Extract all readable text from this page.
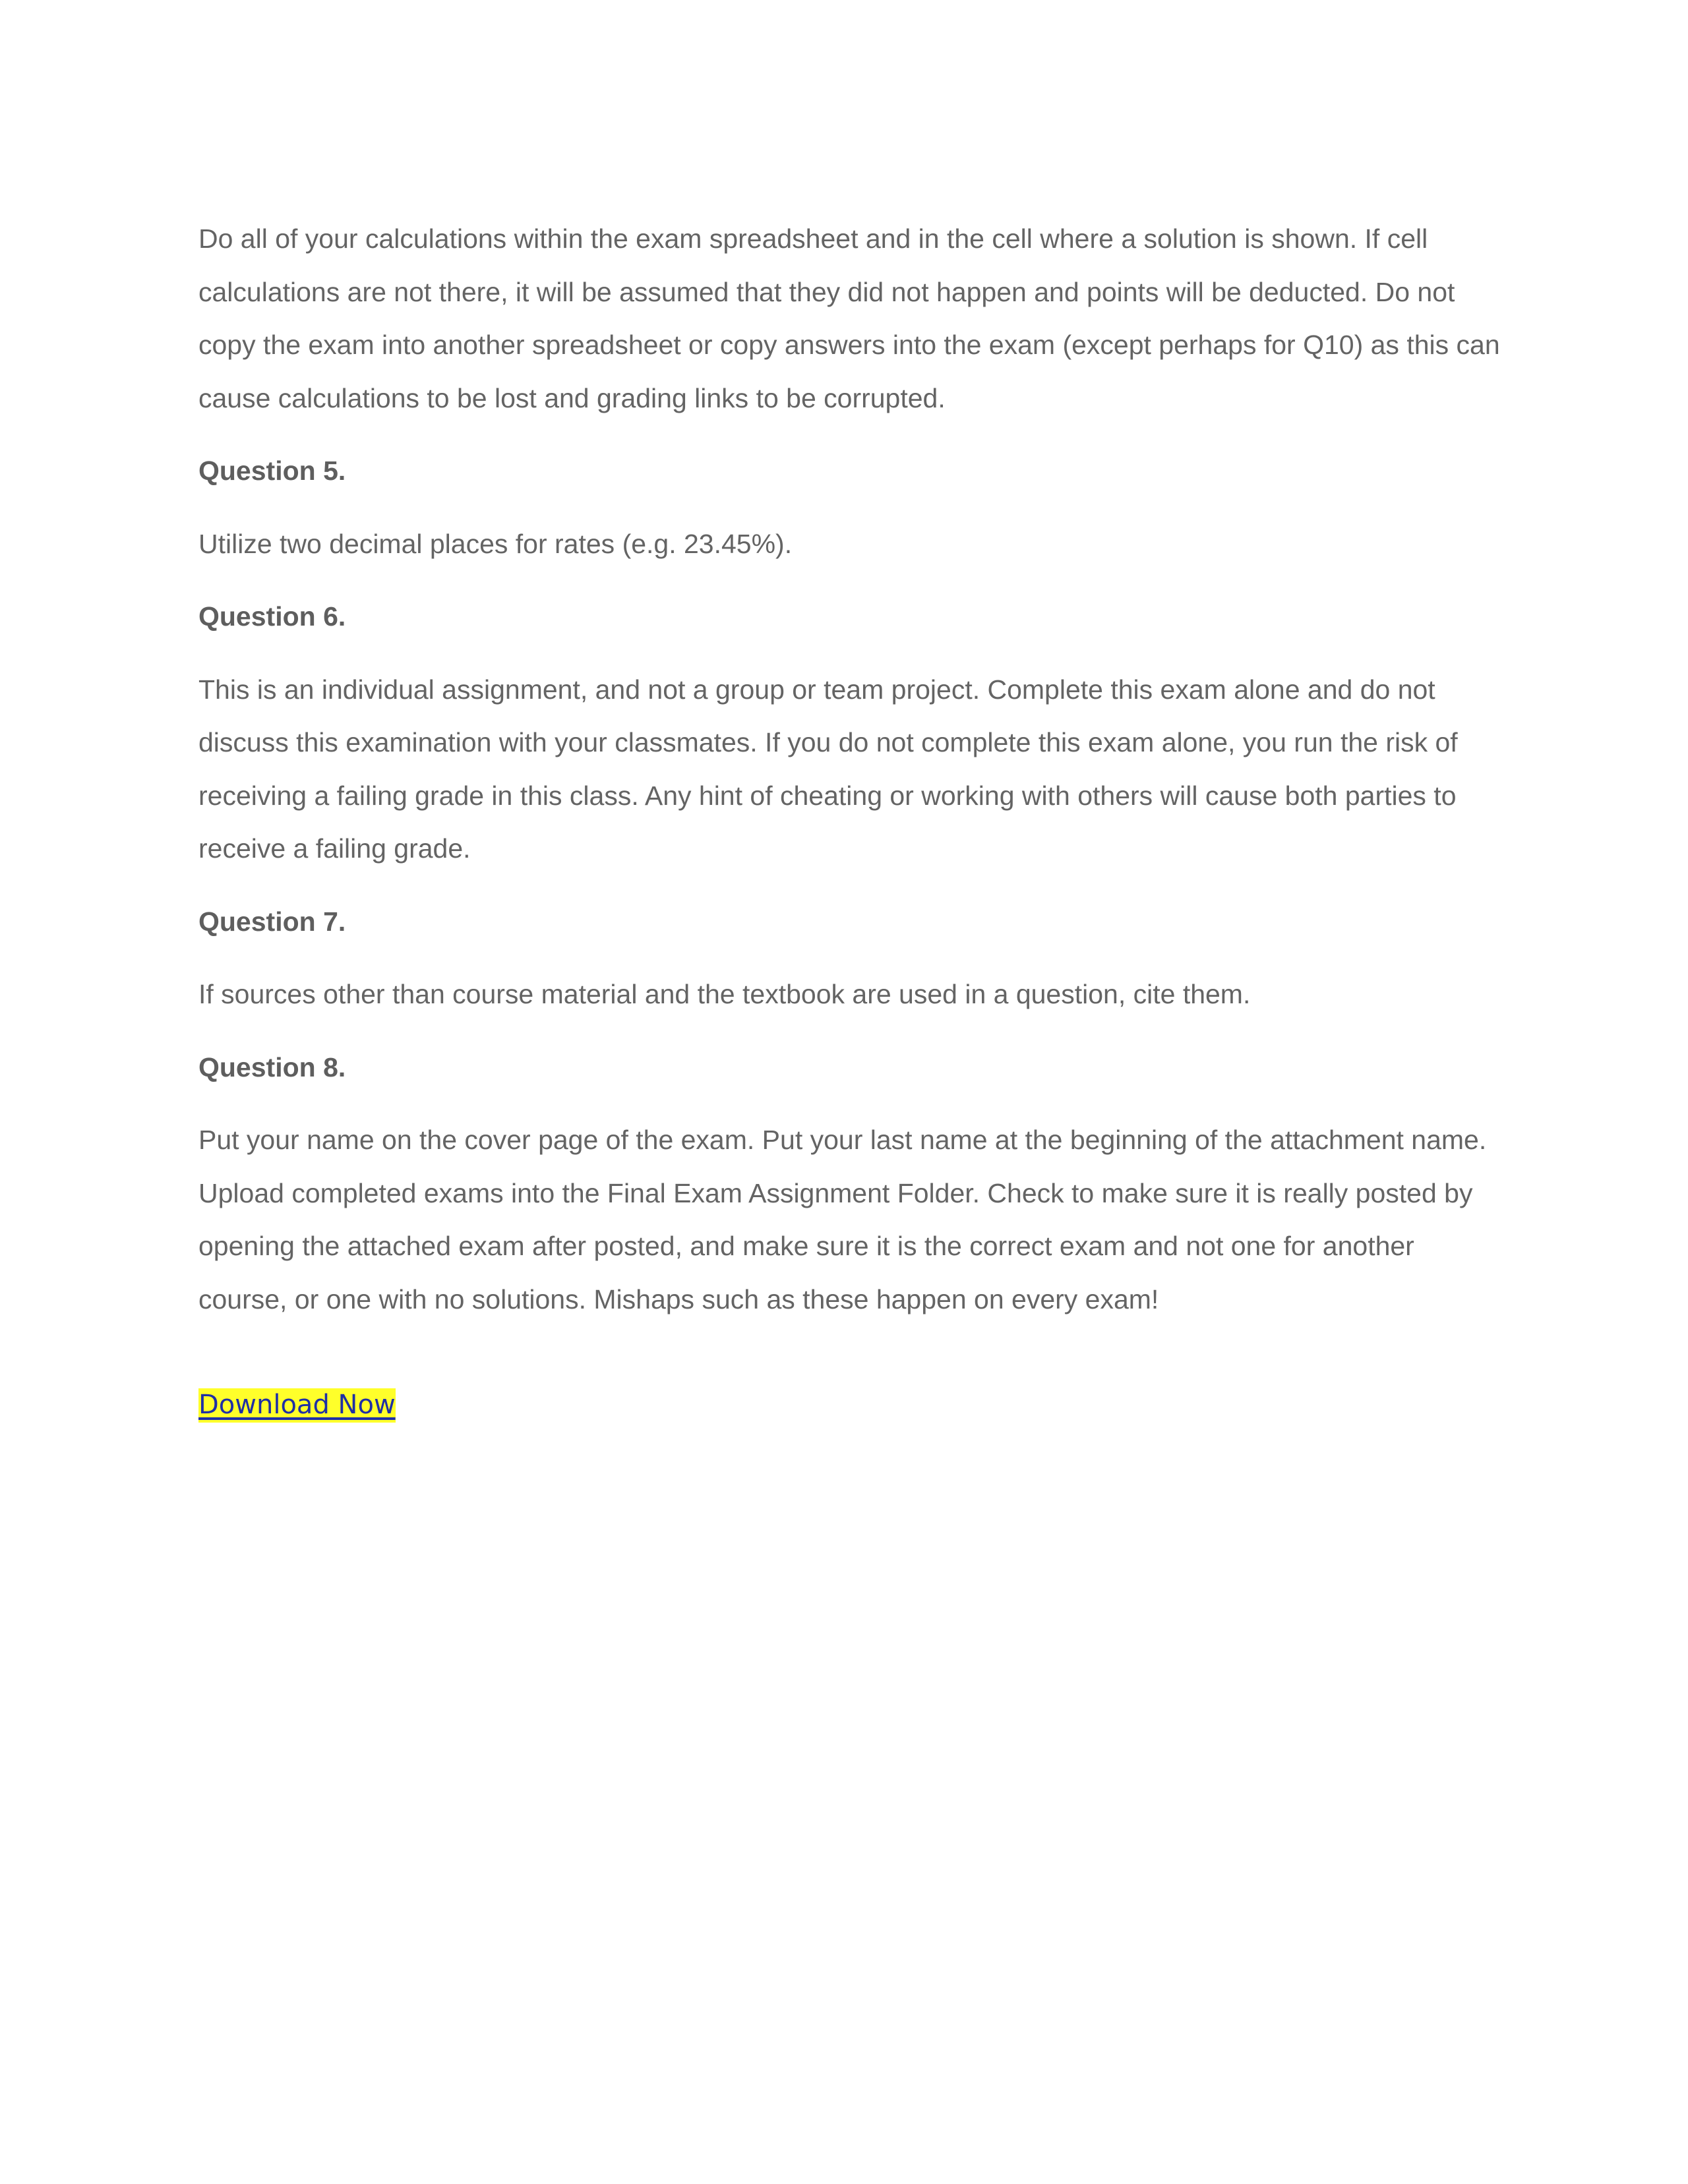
Do all of your calculations within the exam spreadsheet and in the cell where a solution is shown. If cell calculations are not there, it will be assumed that they did not happen and points will be deducted. Do not copy the exam into another spreadsheet or copy answers into the exam (except perhaps for Q10) as this can cause calculations to be lost and grading links to be corrupted.

Question 5.

Utilize two decimal places for rates (e.g. 23.45%).

Question 6.

This is an individual assignment, and not a group or team project. Complete this exam alone and do not discuss this examination with your classmates. If you do not complete this exam alone, you run the risk of receiving a failing grade in this class. Any hint of cheating or working with others will cause both parties to receive a failing grade.

Question 7.

If sources other than course material and the textbook are used in a question, cite them.

Question 8.

Put your name on the cover page of the exam. Put your last name at the beginning of the attachment name. Upload completed exams into the Final Exam Assignment Folder. Check to make sure it is really posted by opening the attached exam after posted, and make sure it is the correct exam and not one for another course, or one with no solutions. Mishaps such as these happen on every exam!

Download Now
